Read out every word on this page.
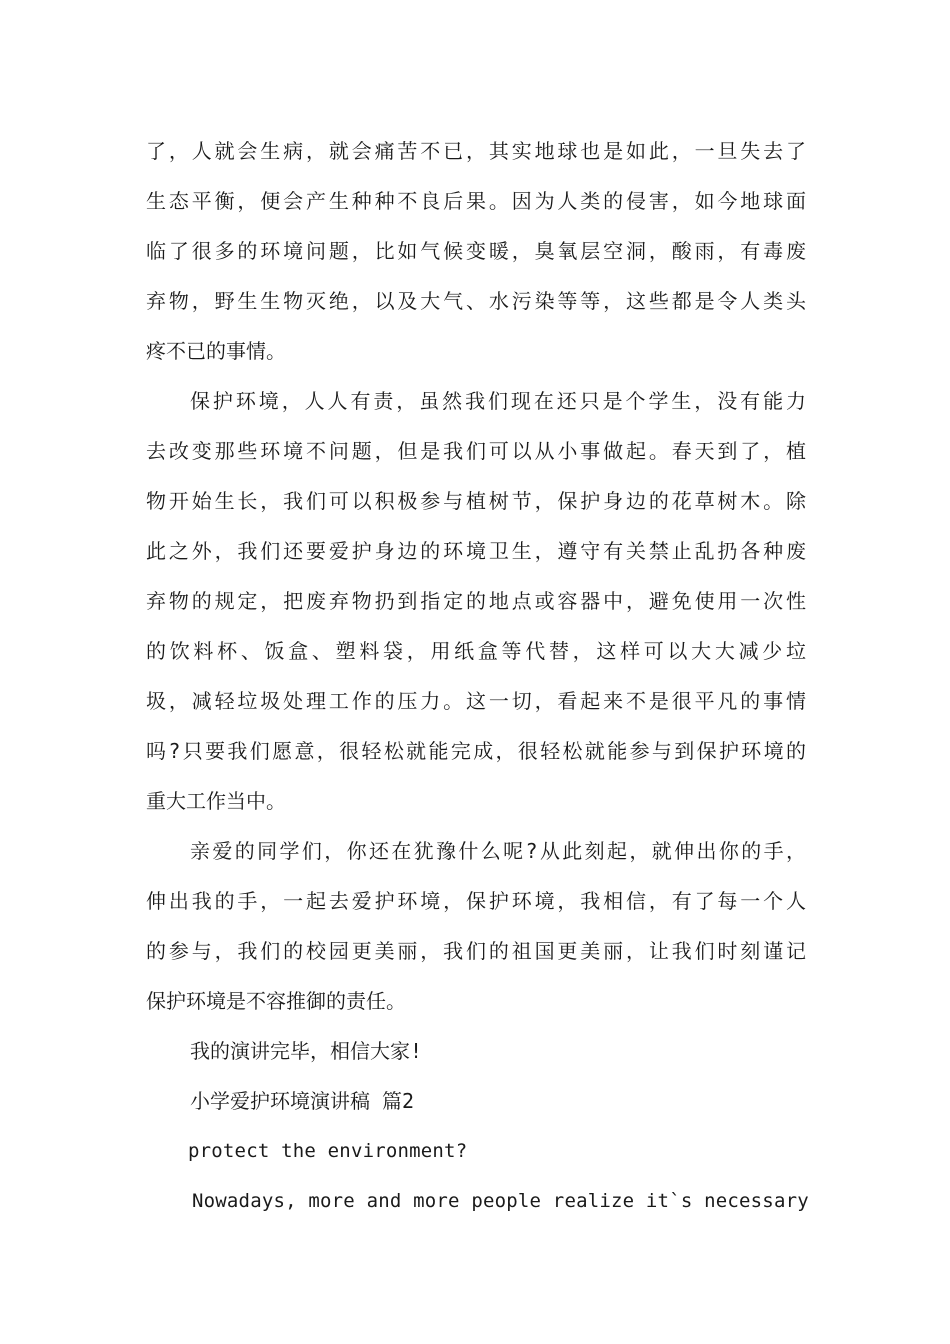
了，人就会生病，就会痛苦不已，其实地球也是如此，一旦失去了
生态平衡，便会产生种种不良后果。因为人类的侵害，如今地球面
临了很多的环境问题，比如气候变暖，臭氧层空洞，酸雨，有毒废
弃物，野生生物灭绝，以及大气、水污染等等，这些都是令人类头
疼不已的事情。
保护环境，人人有责，虽然我们现在还只是个学生，没有能力
去改变那些环境不问题，但是我们可以从小事做起。春天到了，植
物开始生长，我们可以积极参与植树节，保护身边的花草树木。除
此之外，我们还要爱护身边的环境卫生，遵守有关禁止乱扔各种废
弃物的规定，把废弃物扔到指定的地点或容器中，避免使用一次性
的饮料杯、饭盒、塑料袋，用纸盒等代替，这样可以大大减少垃
圾，减轻垃圾处理工作的压力。这一切，看起来不是很平凡的事情
吗?只要我们愿意，很轻松就能完成，很轻松就能参与到保护环境的
重大工作当中。
亲爱的同学们，你还在犹豫什么呢?从此刻起，就伸出你的手，
伸出我的手，一起去爱护环境，保护环境，我相信，有了每一个人
的参与，我们的校园更美丽，我们的祖国更美丽，让我们时刻谨记
保护环境是不容推御的责任。
我的演讲完毕，相信大家!
小学爱护环境演讲稿 篇2
protect the environment?
Nowadays, more and more people realize it`s necessary
